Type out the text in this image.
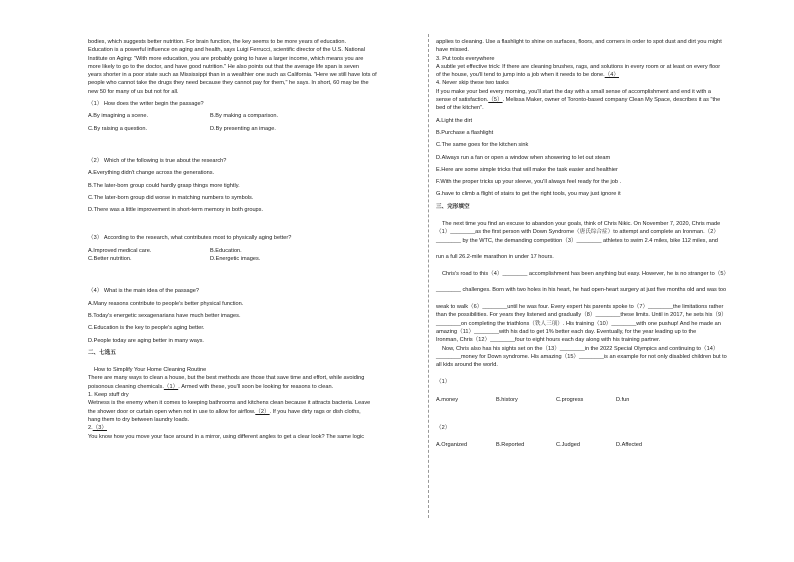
bodies, which suggests better nutrition. For brain function, the key seems to be more years of education.

Education is a powerful influence on aging and health, says Luigi Ferrucci, scientific director of the U.S. National

Institute on Aging: "With more education, you are probably going to have a larger income, which means you are

more likely to go to the doctor, and have good nutrition." He also points out that the average life span is seven

years shorter in a poor state such as Mississippi than in a wealthier one such as California. "Here we still have lots of

people who cannot take the drugs they need because they cannot pay for them," he says. In short, 60 may be the

new 50 for many of us but not for all.

（1） How does the writer begin the passage?

A.By imagining a scene.	B.By making a comparison.
C.By raising a question.	D.By presenting an image.

（2） Which of the following is true about the research?

A.Everything didn't change across the generations.

B.The later-born group could hardly grasp things more tightly.

C.The later-born group did worse in matching numbers to symbols.

D.There was a little improvement in short-term memory in both groups.

（3） According to the research, what contributes most to physically aging better?

A.Improved medical care.	B.Education.
C.Better nutrition.	D.Energetic images.

（4） What is the main idea of the passage?

A.Many reasons contribute to people's better physical function.

B.Today's energetic sexagenarians have much better images.

C.Education is the key to people's aging better.

D.People today are aging better in many ways.

二、七选五

How to Simplify Your Home Cleaning Routine

There are many ways to clean a house, but the best methods are those that save time and effort, while avoiding

poisonous cleaning chemicals.（1）. Armed with these, you'll soon be looking for reasons to clean.

1. Keep stuff dry

Wetness is the enemy when it comes to keeping bathrooms and kitchens clean because it attracts bacteria. Leave

the shower door or curtain open when not in use to allow for airflow.（2）. If you have dirty rags or dish cloths,

hang them to dry between laundry loads.

2.（3）

You know how you move your face around in a mirror, using different angles to get a clear look? The same logic

applies to cleaning. Use a flashlight to shine on surfaces, floors, and corners in order to spot dust and dirt you might

have missed.

3. Put tools everywhere

A subtle yet effective trick: If there are cleaning brushes, rags, and solutions in every room or at least on every floor

of the house, you'll tend to jump into a job when it needs to be done.（4）

4. Never skip these two tasks

If you make your bed every morning, you'll start the day with a small sense of accomplishment and end it with a

sense of satisfaction.（5）. Melissa Maker, owner of Toronto-based company Clean My Space, describes it as "the

bed of the kitchen".

A.Light the dirt

B.Purchase a flashlight

C.The same goes for the kitchen sink

D.Always run a fan or open a window when showering to let out steam

E.Here are some simple tricks that will make the task easier and healthier

F.With the proper tricks up your sleeve, you'll always feel ready for the job .

G.have to climb a flight of stairs to get the right tools, you may just ignore it

三、完形填空

The next time you find an excuse to abandon your goals, think of Chris Nikic. On November 7, 2020, Chris made

（1）________as the first person with Down Syndrome（唐氏综合症）to attempt and complete an Ironman.（2）

________ by the WTC, the demanding competition（3）________ athletes to swim 2.4 miles, bike 112 miles, and

run a full 26.2-mile marathon in under 17 hours.

Chris's road to this（4）________ accomplishment has been anything but easy. However, he is no stranger to（5）

________ challenges. Born with two holes in his heart, he had open-heart surgery at just five months old and was too

weak to walk（6）________until he was four. Every expert his parents spoke to（7）________the limitations rather

than the possibilities. For years they listened and gradually（8）________these limits. Until in 2017, he sets his（9）

________on completing the triathlons（铁人三项）. His training（10）________with one pushup! And he made an

amazing（11）________with his dad to get 1% better each day. Eventually, for the year leading up to the

Ironman, Chris（12）________four to eight hours each day along with his training partner.

Now, Chris also has his sights set on the（13）________in the 2022 Special Olympics and continuing to（14）

________money for Down syndrome. His amazing（15）________is an example for not only disabled children but to

all kids around the world.

（1）

A.money	B.history	C.progress	D.fun

（2）

A.Organized	B.Reported	C.Judged	D.Affected
